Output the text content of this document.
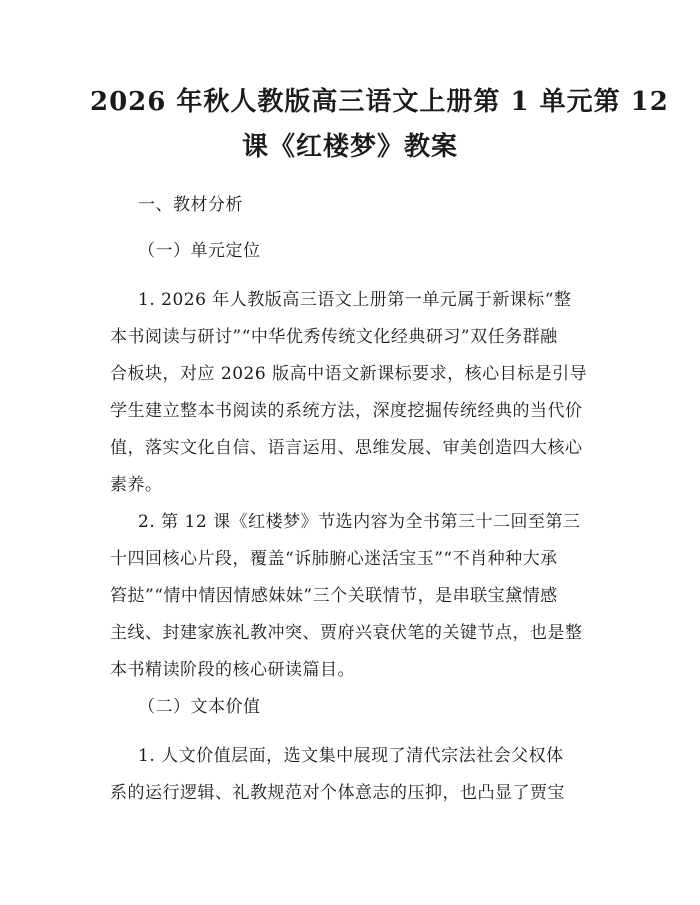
2026 年秋人教版高三语文上册第 1 单元第 12
课《红楼梦》教案
一、教材分析
（一）单元定位
1. 2026 年人教版高三语文上册第一单元属于新课标“整
本书阅读与研讨”“中华优秀传统文化经典研习”双任务群融
合板块，对应 2026 版高中语文新课标要求，核心目标是引导
学生建立整本书阅读的系统方法，深度挖掘传统经典的当代价
值，落实文化自信、语言运用、思维发展、审美创造四大核心
素养。
2. 第 12 课《红楼梦》节选内容为全书第三十二回至第三
十四回核心片段，覆盖“诉肺腑心迷活宝玉”“不肖种种大承
笞挞”“情中情因情感妹妹”三个关联情节，是串联宝黛情感
主线、封建家族礼教冲突、贾府兴衰伏笔的关键节点，也是整
本书精读阶段的核心研读篇目。
（二）文本价值
1. 人文价值层面，选文集中展现了清代宗法社会父权体
系的运行逻辑、礼教规范对个体意志的压抑，也凸显了贾宝
